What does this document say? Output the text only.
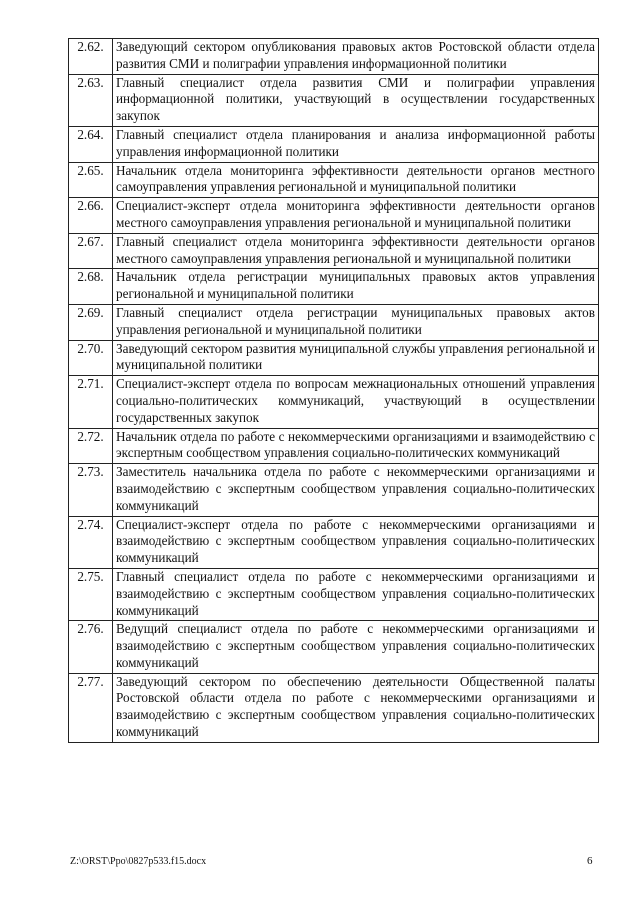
2.62.	Заведующий сектором опубликования правовых актов Ростовской области отдела развития СМИ и полиграфии управления информационной политики
2.63.	Главный специалист отдела развития СМИ и полиграфии управления информационной политики, участвующий в осуществлении государственных закупок
2.64.	Главный специалист отдела планирования и анализа информационной работы управления информационной политики
2.65.	Начальник отдела мониторинга эффективности деятельности органов местного самоуправления управления региональной и муниципальной политики
2.66.	Специалист-эксперт отдела мониторинга эффективности деятельности органов местного самоуправления управления региональной и муниципальной политики
2.67.	Главный специалист отдела мониторинга эффективности деятельности органов местного самоуправления управления региональной и муниципальной политики
2.68.	Начальник отдела регистрации муниципальных правовых актов управления региональной и муниципальной политики
2.69.	Главный специалист отдела регистрации муниципальных правовых актов управления региональной и муниципальной политики
2.70.	Заведующий сектором развития муниципальной службы управления региональной и муниципальной политики
2.71.	Специалист-эксперт отдела по вопросам межнациональных отношений управления социально-политических коммуникаций, участвующий в осуществлении государственных закупок
2.72.	Начальник отдела по работе с некоммерческими организациями и взаимодействию с экспертным сообществом управления социально-политических коммуникаций
2.73.	Заместитель начальника отдела по работе с некоммерческими организациями и взаимодействию с экспертным сообществом управления социально-политических коммуникаций
2.74.	Специалист-эксперт отдела по работе с некоммерческими организациями и взаимодействию с экспертным сообществом управления социально-политических коммуникаций
2.75.	Главный специалист отдела по работе с некоммерческими организациями и взаимодействию с экспертным сообществом управления социально-политических коммуникаций
2.76.	Ведущий специалист отдела по работе с некоммерческими организациями и взаимодействию с экспертным сообществом управления социально-политических коммуникаций
2.77.	Заведующий сектором по обеспечению деятельности Общественной палаты Ростовской области отдела по работе с некоммерческими организациями и взаимодействию с экспертным сообществом управления социально-политических коммуникаций
Z:\ORST\Ppo\0827p533.f15.docx	6
